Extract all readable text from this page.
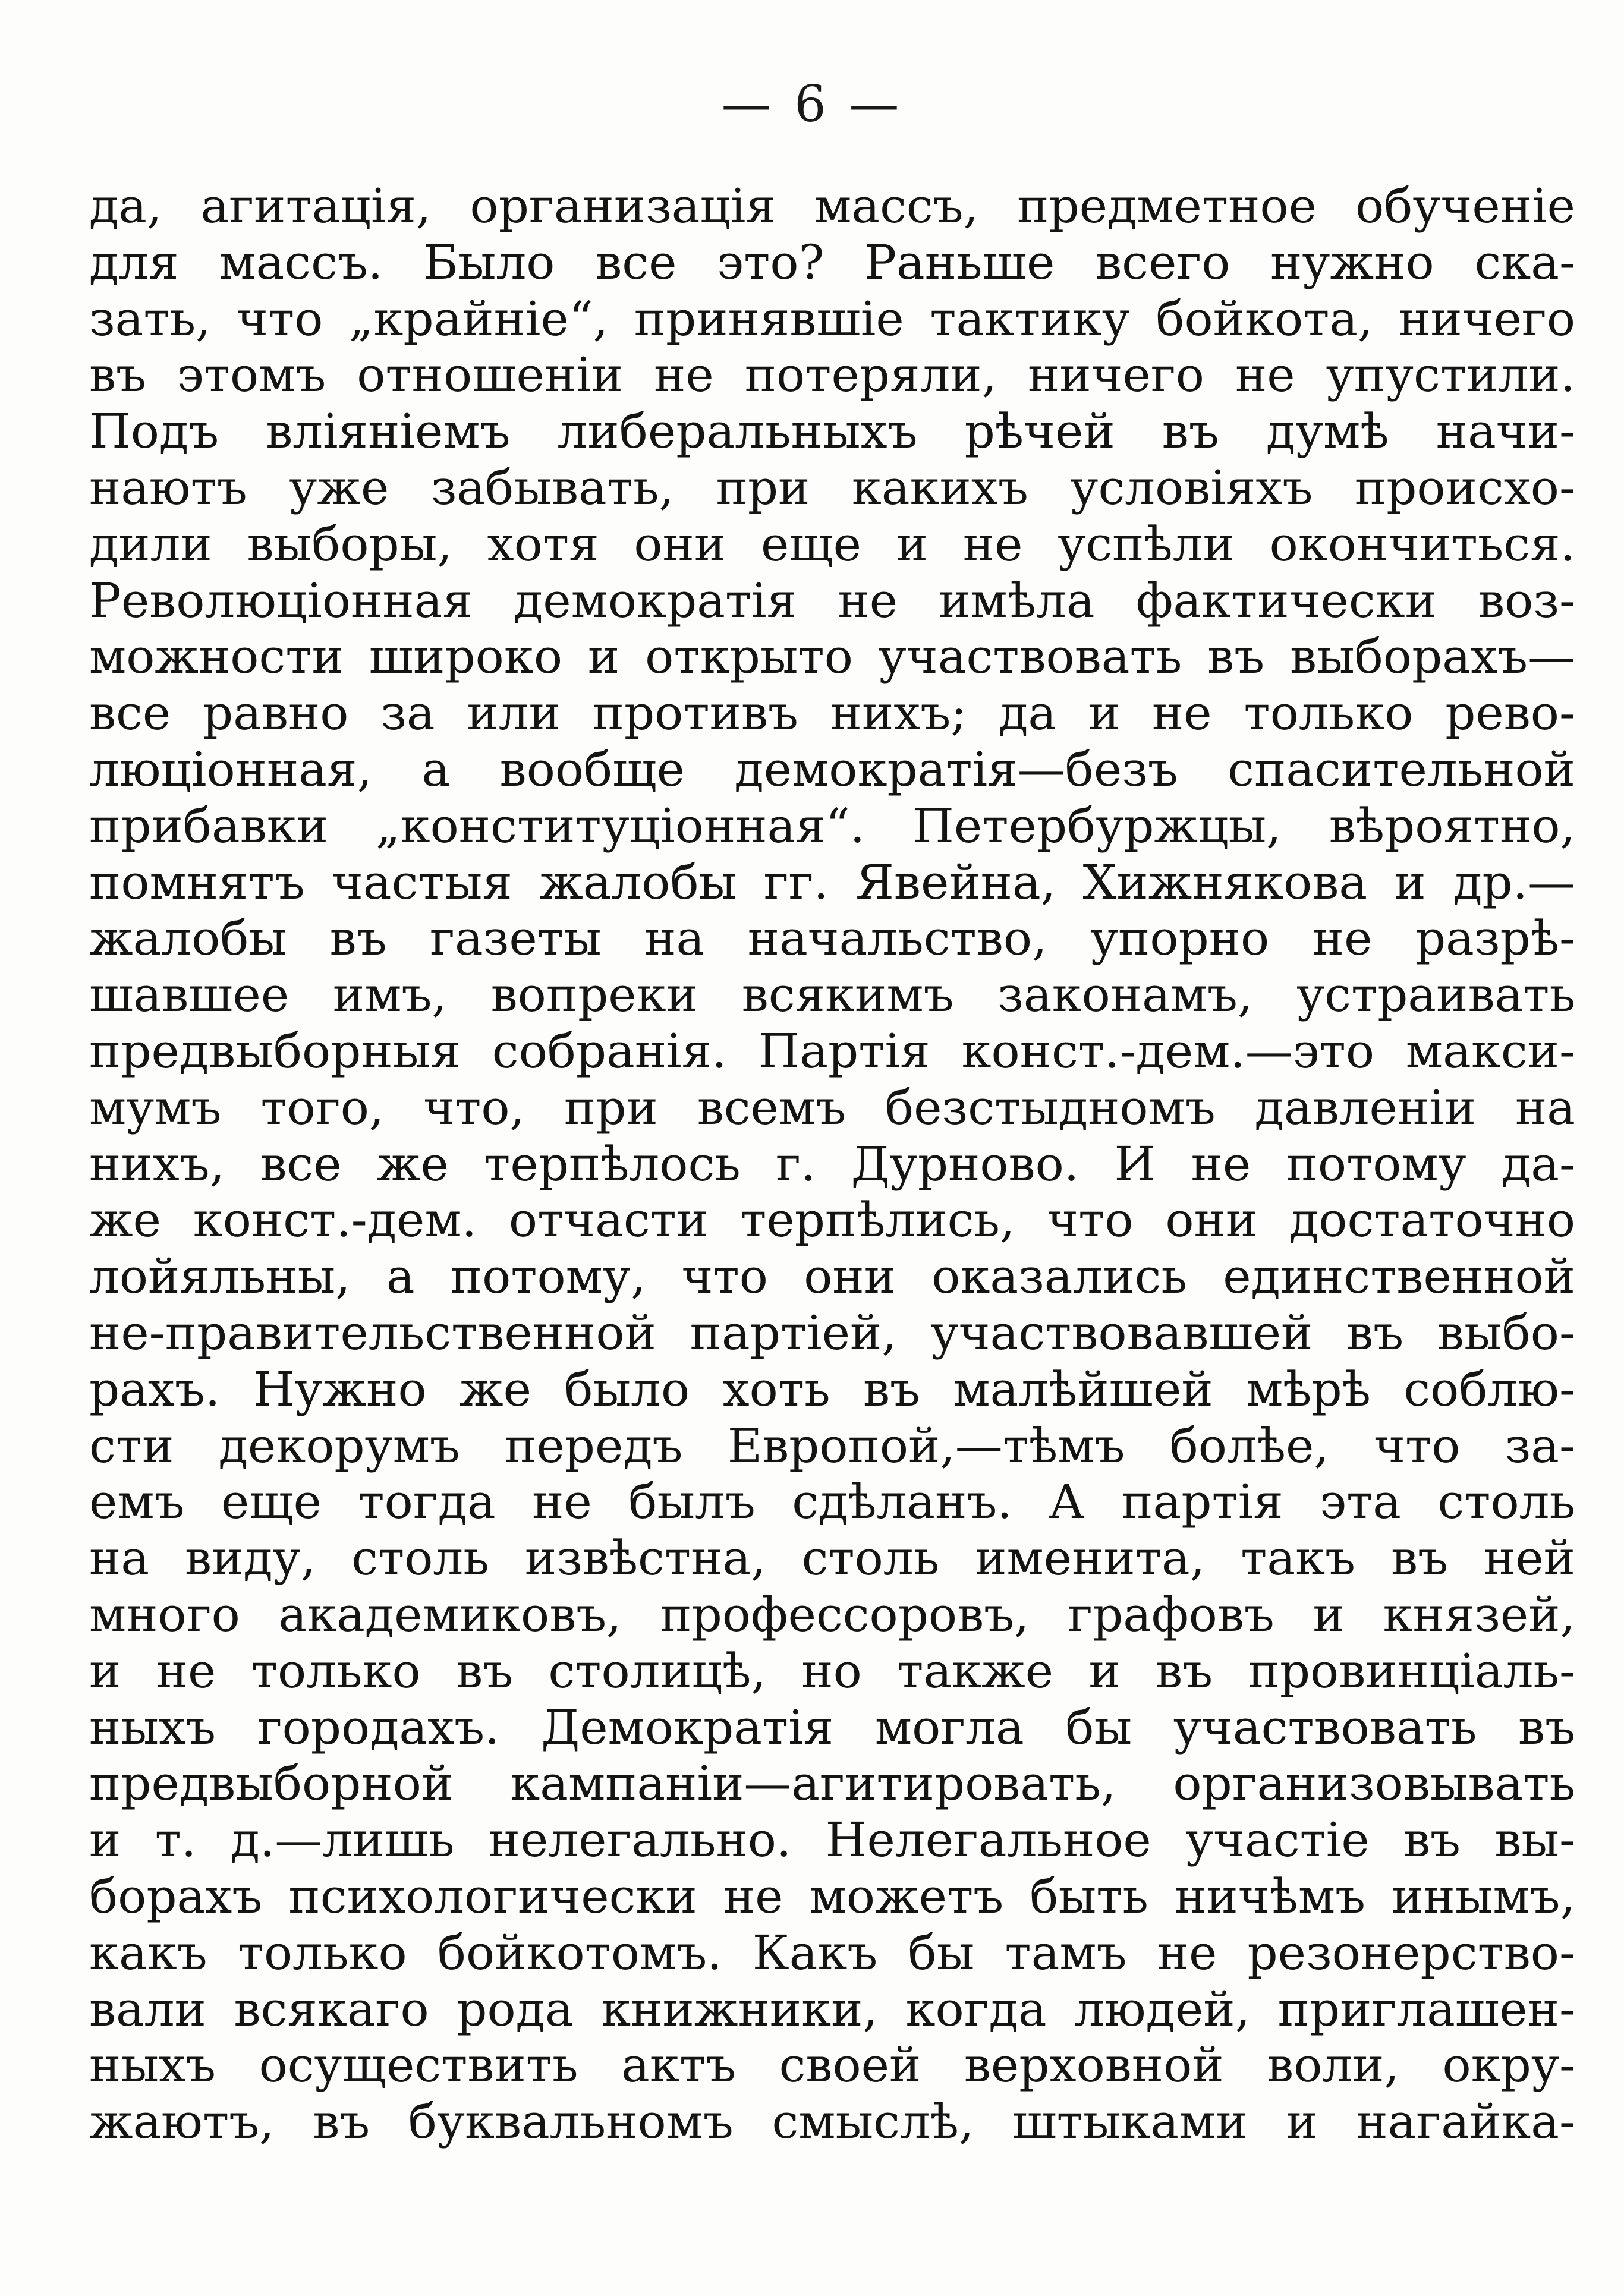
— 6 —
да, агитація, организація массъ, предметное обученіе
для массъ. Было все это? Раньше всего нужно ска-
зать, что „крайніе“, принявшіе тактику бойкота, ничего
въ этомъ отношеніи не потеряли, ничего не упустили.
Подъ вліяніемъ либеральныхъ рѣчей въ думѣ начи-
наютъ уже забывать, при какихъ условіяхъ происхо-
дили выборы, хотя они еще и не успѣли окончиться.
Революціонная демократія не имѣла фактически воз-
можности широко и открыто участвовать въ выборахъ—
все равно за или противъ нихъ; да и не только рево-
люціонная, а вообще демократія—безъ спасительной
прибавки „конституціонная“. Петербуржцы, вѣроятно,
помнятъ частыя жалобы гг. Явейна, Хижнякова и др.—
жалобы въ газеты на начальство, упорно не разрѣ-
шавшее имъ, вопреки всякимъ законамъ, устраивать
предвыборныя собранія. Партія конст.-дем.—это макси-
мумъ того, что, при всемъ безстыдномъ давленіи на
нихъ, все же терпѣлось г. Дурново. И не потому да-
же конст.-дем. отчасти терпѣлись, что они достаточно
лойяльны, а потому, что они оказались единственной
не-правительственной партіей, участвовавшей въ выбо-
рахъ. Нужно же было хоть въ малѣйшей мѣрѣ соблю-
сти декорумъ передъ Европой,—тѣмъ болѣе, что за-
емъ еще тогда не былъ сдѣланъ. А партія эта столь
на виду, столь извѣстна, столь именита, такъ въ ней
много академиковъ, профессоровъ, графовъ и князей,
и не только въ столицѣ, но также и въ провинціаль-
ныхъ городахъ. Демократія могла бы участвовать въ
предвыборной кампаніи—агитировать, организовывать
и т. д.—лишь нелегально. Нелегальное участіе въ вы-
борахъ психологически не можетъ быть ничѣмъ инымъ,
какъ только бойкотомъ. Какъ бы тамъ не резонерство-
вали всякаго рода книжники, когда людей, приглашен-
ныхъ осуществить актъ своей верховной воли, окру-
жаютъ, въ буквальномъ смыслѣ, штыками и нагайка-
